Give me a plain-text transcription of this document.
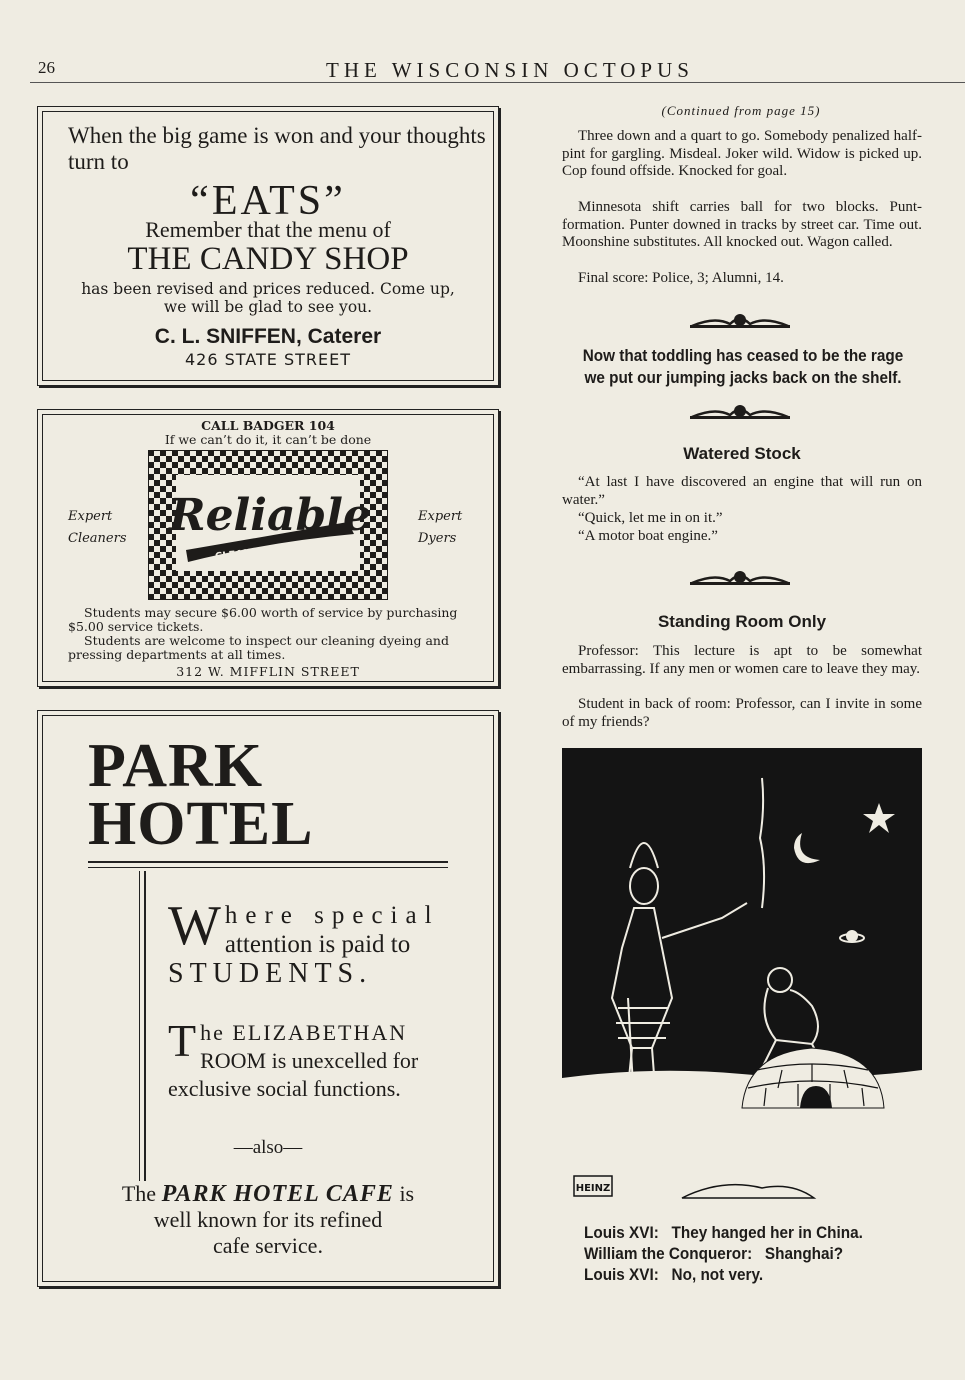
26	THE WISCONSIN OCTOPUS
When the big game is won and your thoughts turn to
“EATS”
Remember that the menu of
THE CANDY SHOP
has been revised and prices reduced. Come up, we will be glad to see you.
C. L. SNIFFEN, Caterer
426 STATE STREET
CALL BADGER 104
If we can’t do it, it can’t be done
Expert
Cleaners
Expert
Dyers
Reliable
CLEANERS & DYERS
Students may secure $6.00 worth of service by purchasing $5.00 service tickets.
Students are welcome to inspect our cleaning dyeing and pressing departments at all times.
312 W. MIFFLIN STREET
PARK
HOTEL
W here special
attention is paid to
STUDENTS.
T he ELIZABETHAN
ROOM is unexcelled for
exclusive social functions.
—also—
The PARK HOTEL CAFE is
well known for its refined
cafe service.
(Continued from page 15)
Three down and a quart to go. Somebody penalized half-pint for gargling. Misdeal. Joker wild. Widow is picked up. Cop found offside. Knocked for goal.
Minnesota shift carries ball for two blocks. Punt-formation. Punter downed in tracks by street car. Time out. Moonshine substitutes. All knocked out. Wagon called.
Final score: Police, 3; Alumni, 14.
Now that toddling has ceased to be the rage we put our jumping jacks back on the shelf.
Watered Stock
“At last I have discovered an engine that will run on water.”
“Quick, let me in on it.”
“A motor boat engine.”
Standing Room Only
Professor: This lecture is apt to be somewhat embarrassing. If any men or women care to leave they may.
Student in back of room: Professor, can I invite in some of my friends?
HEINZ
Louis XVI:   They hanged her in China.
William the Conqueror:   Shanghai?
Louis XVI:   No, not very.
